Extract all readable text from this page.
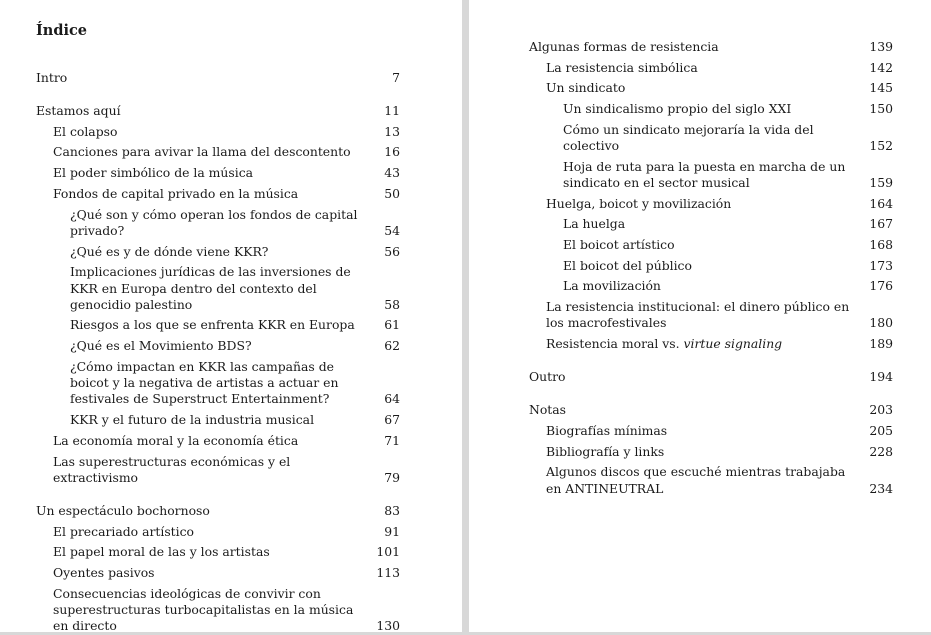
Índice
Intro	7
Estamos aquí	11
El colapso	13
Canciones para avivar la llama del descontento	16
El poder simbólico de la música	43
Fondos de capital privado en la música	50
¿Qué son y cómo operan los fondos de capital privado?	54
¿Qué es y de dónde viene KKR?	56
Implicaciones jurídicas de las inversiones de KKR en Europa dentro del contexto del genocidio palestino	58
Riesgos a los que se enfrenta KKR en Europa	61
¿Qué es el Movimiento BDS?	62
¿Cómo impactan en KKR las campañas de boicot y la negativa de artistas a actuar en festivales de Superstruct Entertainment?	64
KKR y el futuro de la industria musical	67
La economía moral y la economía ética	71
Las superestructuras económicas y el extractivismo	79
Un espectáculo bochornoso	83
El precariado artístico	91
El papel moral de las y los artistas	101
Oyentes pasivos	113
Consecuencias ideológicas de convivir con superestructuras turbocapitalistas en la música en directo	130
Algunas formas de resistencia	139
La resistencia simbólica	142
Un sindicato	145
Un sindicalismo propio del siglo XXI	150
Cómo un sindicato mejoraría la vida del colectivo	152
Hoja de ruta para la puesta en marcha de un sindicato en el sector musical	159
Huelga, boicot y movilización	164
La huelga	167
El boicot artístico	168
El boicot del público	173
La movilización	176
La resistencia institucional: el dinero público en los macrofestivales	180
Resistencia moral vs. virtue signaling	189
Outro	194
Notas	203
Biografías mínimas	205
Bibliografía y links	228
Algunos discos que escuché mientras trabajaba en ANTINEUTRAL	234
